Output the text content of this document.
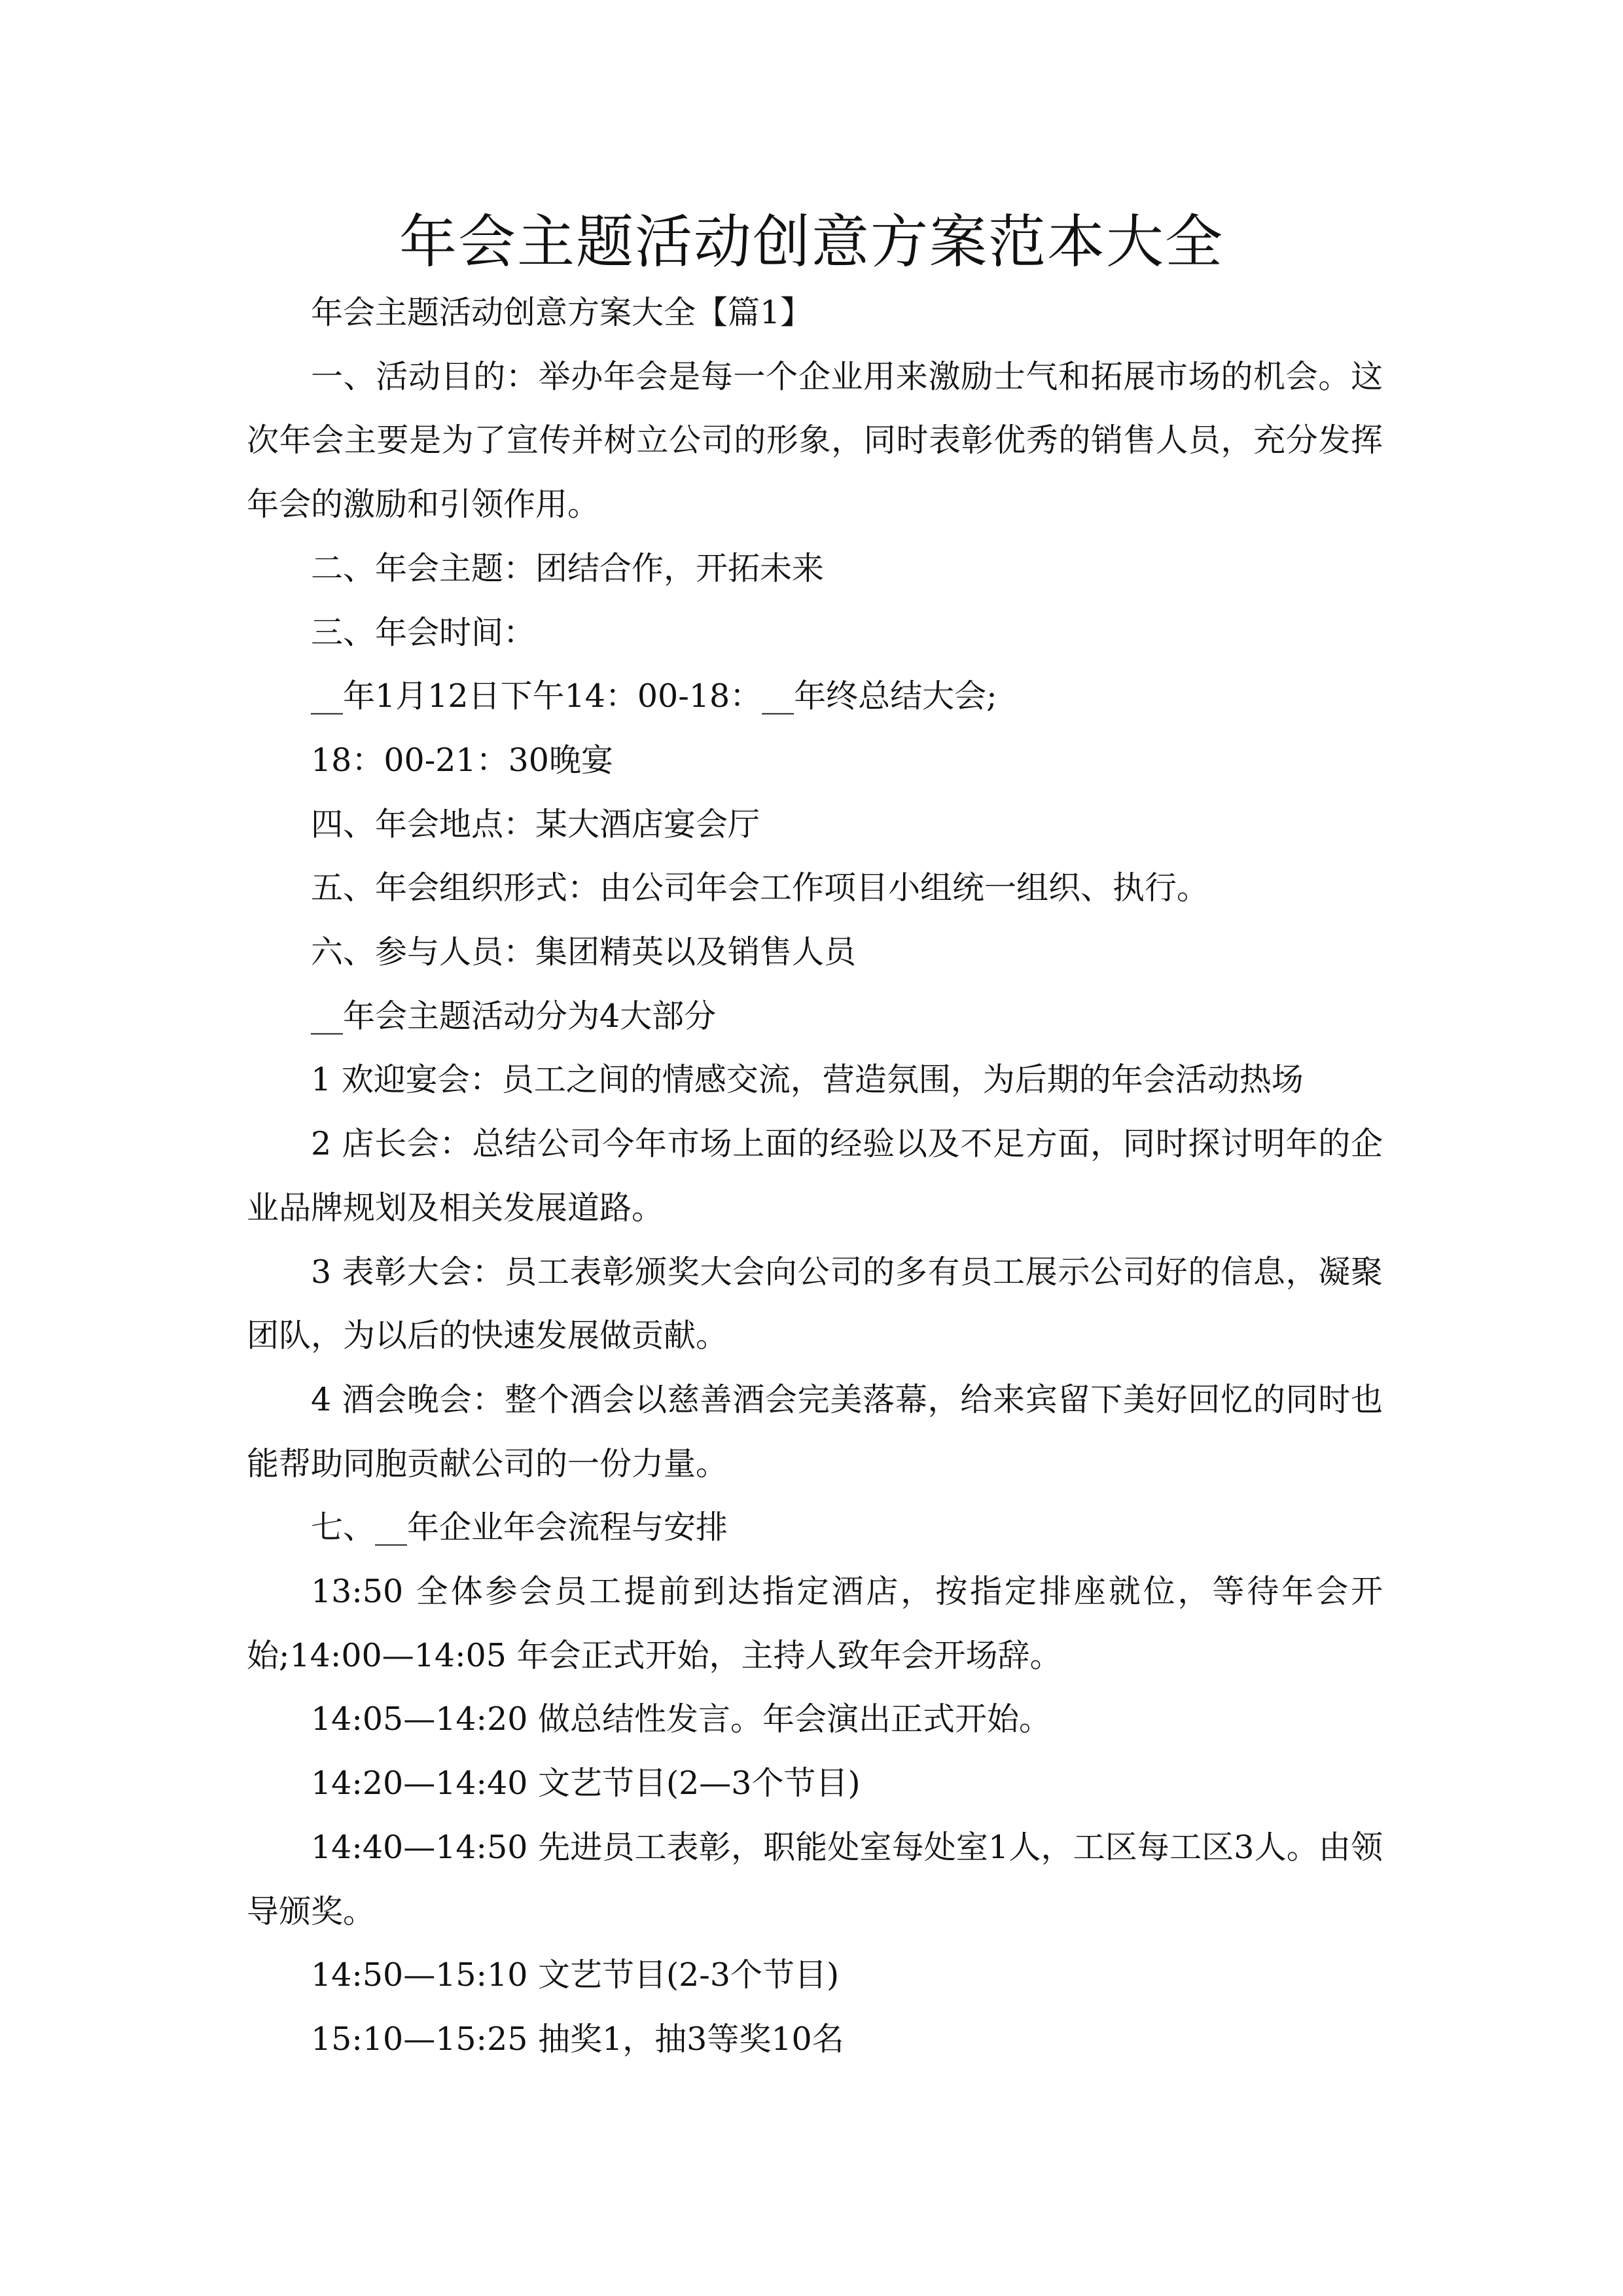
年会主题活动创意方案范本大全

年会主题活动创意方案大全【篇1】

一、活动目的：举办年会是每一个企业用来激励士气和拓展市场的机会。这次年会主要是为了宣传并树立公司的形象，同时表彰优秀的销售人员，充分发挥年会的激励和引领作用。

二、年会主题：团结合作，开拓未来

三、年会时间：

__年1月12日下午14：00-18：__年终总结大会;

18：00-21：30晚宴

四、年会地点：某大酒店宴会厅

五、年会组织形式：由公司年会工作项目小组统一组织、执行。

六、参与人员：集团精英以及销售人员

__年会主题活动分为4大部分

1 欢迎宴会：员工之间的情感交流，营造氛围，为后期的年会活动热场

2 店长会：总结公司今年市场上面的经验以及不足方面，同时探讨明年的企业品牌规划及相关发展道路。

3 表彰大会：员工表彰颁奖大会向公司的多有员工展示公司好的信息，凝聚团队，为以后的快速发展做贡献。

4 酒会晚会：整个酒会以慈善酒会完美落幕，给来宾留下美好回忆的同时也能帮助同胞贡献公司的一份力量。

七、__年企业年会流程与安排

13:50 全体参会员工提前到达指定酒店，按指定排座就位，等待年会开始;14:00—14:05 年会正式开始，主持人致年会开场辞。

14:05—14:20 做总结性发言。年会演出正式开始。

14:20—14:40 文艺节目(2—3个节目)

14:40—14:50 先进员工表彰，职能处室每处室1人，工区每工区3人。由领导颁奖。

14:50—15:10 文艺节目(2-3个节目)

15:10—15:25 抽奖1，抽3等奖10名
